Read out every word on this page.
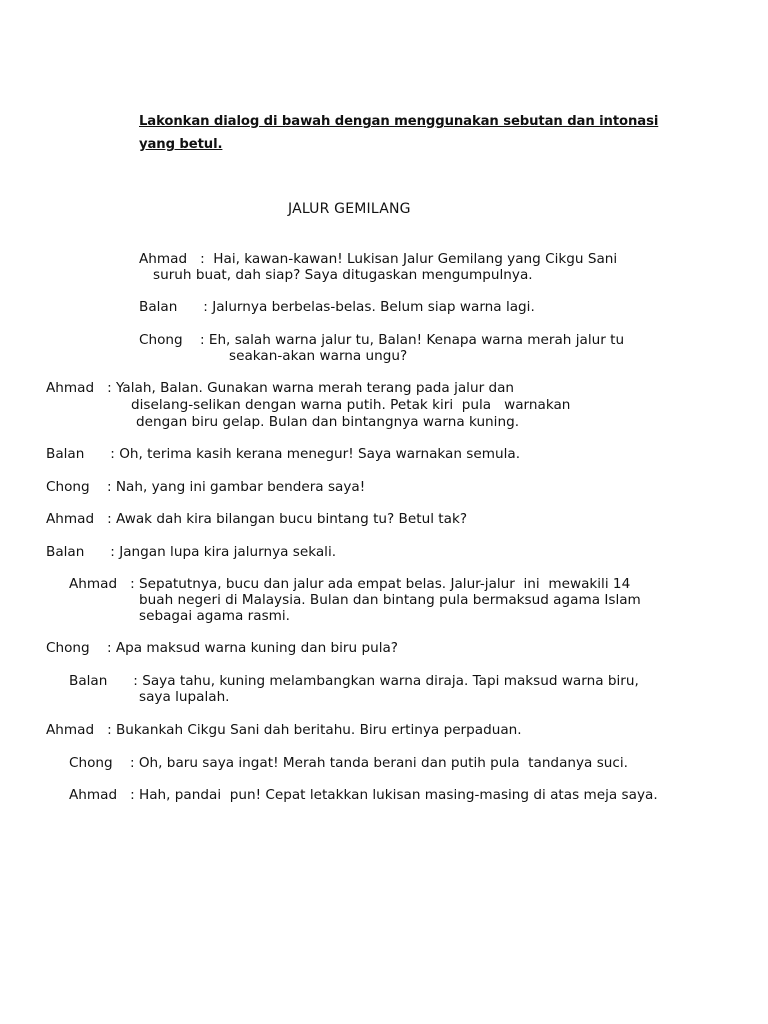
Lakonkan dialog di bawah dengan menggunakan sebutan dan intonasi yang betul.
JALUR GEMILANG
Ahmad   :  Hai, kawan-kawan! Lukisan Jalur Gemilang yang Cikgu Sani
suruh buat, dah siap? Saya ditugaskan mengumpulnya.
Balan      : Jalurnya berbelas-belas. Belum siap warna lagi.
Chong    : Eh, salah warna jalur tu, Balan! Kenapa warna merah jalur tu
seakan-akan warna ungu?
Ahmad   : Yalah, Balan. Gunakan warna merah terang pada jalur dan
diselang-selikan dengan warna putih. Petak kiri  pula   warnakan
dengan biru gelap. Bulan dan bintangnya warna kuning.
Balan      : Oh, terima kasih kerana menegur! Saya warnakan semula.
Chong    : Nah, yang ini gambar bendera saya!
Ahmad   : Awak dah kira bilangan bucu bintang tu? Betul tak?
Balan      : Jangan lupa kira jalurnya sekali.
Ahmad   : Sepatutnya, bucu dan jalur ada empat belas. Jalur-jalur  ini  mewakili 14
buah negeri di Malaysia. Bulan dan bintang pula bermaksud agama Islam
sebagai agama rasmi.
Chong    : Apa maksud warna kuning dan biru pula?
Balan      : Saya tahu, kuning melambangkan warna diraja. Tapi maksud warna biru,
saya lupalah.
Ahmad   : Bukankah Cikgu Sani dah beritahu. Biru ertinya perpaduan.
Chong    : Oh, baru saya ingat! Merah tanda berani dan putih pula  tandanya suci.
Ahmad   : Hah, pandai  pun! Cepat letakkan lukisan masing-masing di atas meja saya.
